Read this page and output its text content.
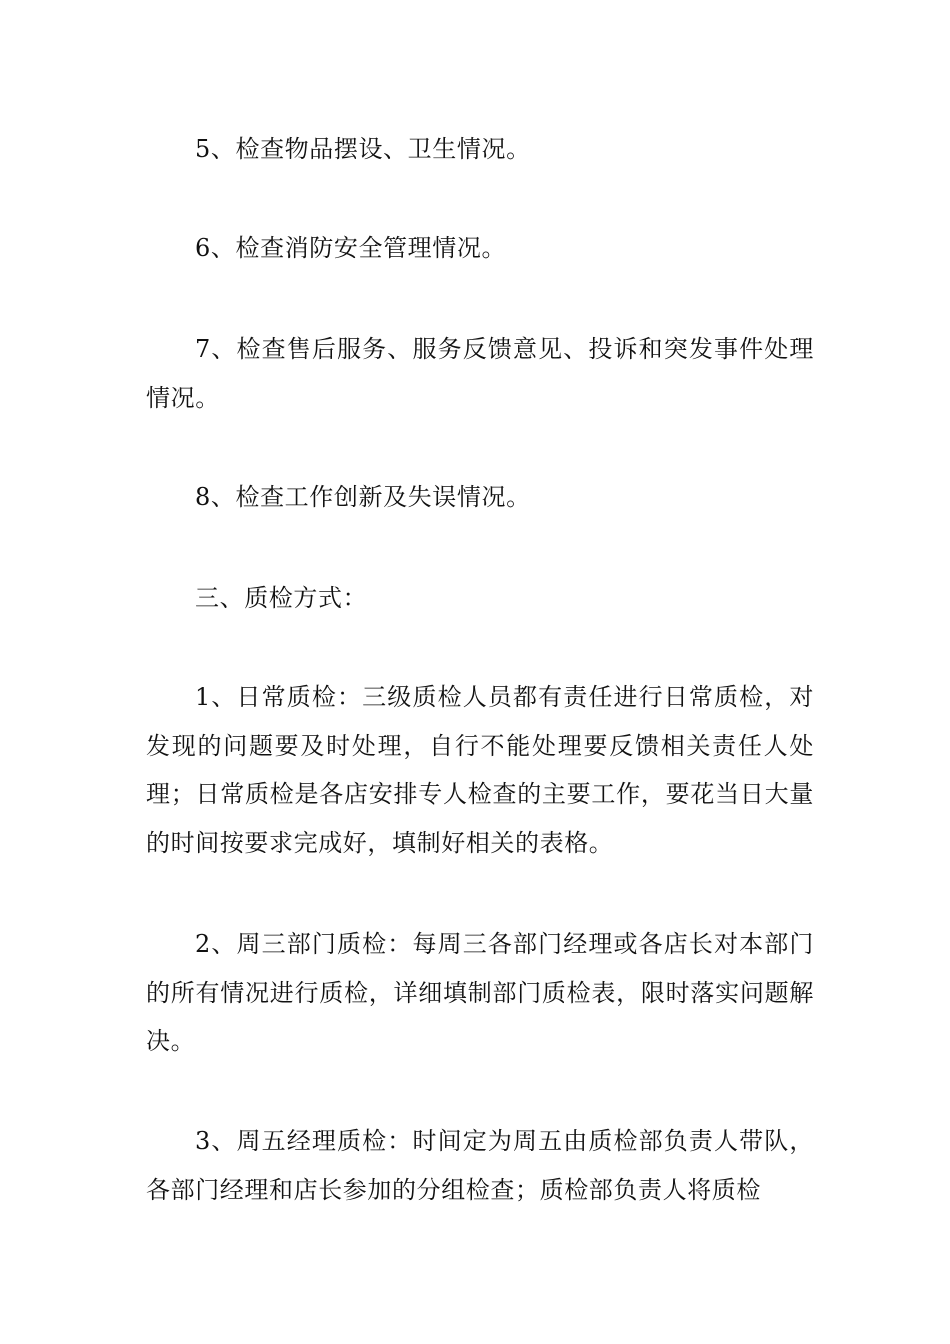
5、检查物品摆设、卫生情况。

6、检查消防安全管理情况。

7、检查售后服务、服务反馈意见、投诉和突发事件处理情况。

8、检查工作创新及失误情况。

三、质检方式：

1、日常质检：三级质检人员都有责任进行日常质检，对发现的问题要及时处理，自行不能处理要反馈相关责任人处理；日常质检是各店安排专人检查的主要工作，要花当日大量的时间按要求完成好，填制好相关的表格。

2、周三部门质检：每周三各部门经理或各店长对本部门的所有情况进行质检，详细填制部门质检表，限时落实问题解决。

3、周五经理质检：时间定为周五由质检部负责人带队，各部门经理和店长参加的分组检查；质检部负责人将质检
